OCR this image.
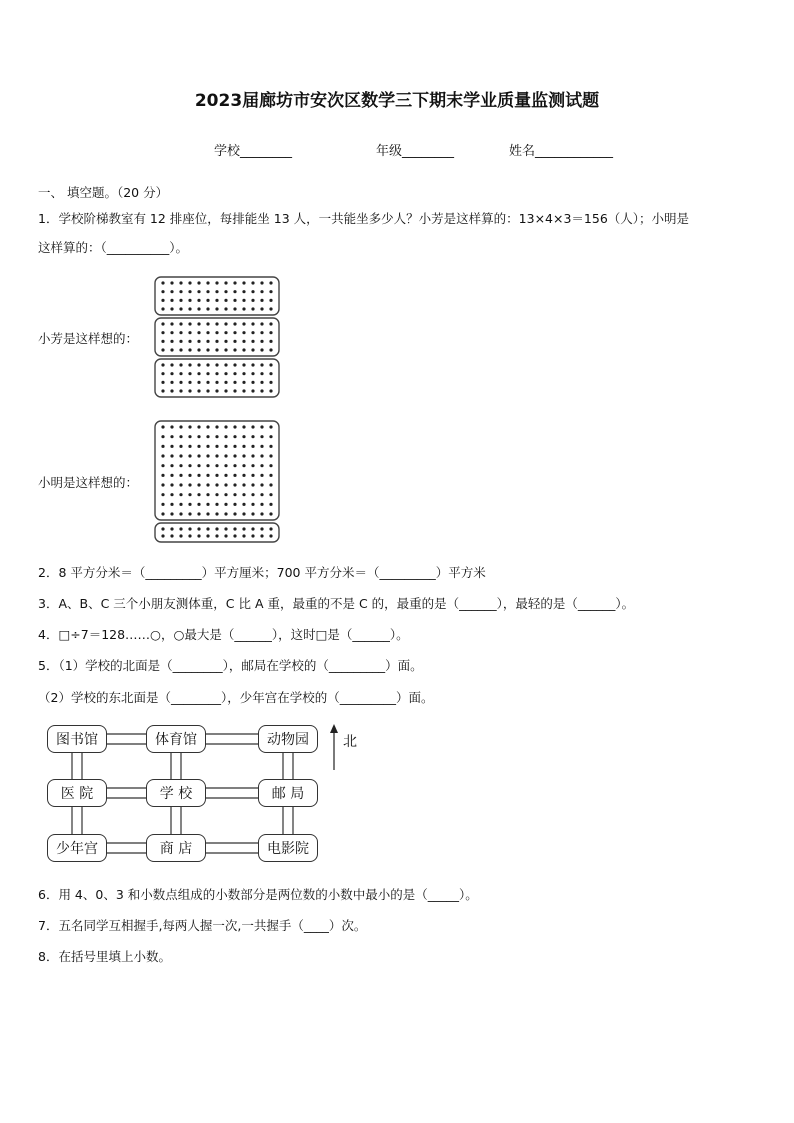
2023届廊坊市安次区数学三下期末学业质量监测试题
学校________	年级________	姓名____________
一、 填空题。（20 分）
1．学校阶梯教室有 12 排座位，每排能坐 13 人，一共能坐多少人？小芳是这样算的：13×4×3＝156（人）；小明是
这样算的：（__________）。
小芳是这样想的：
小明是这样想的：
2．8 平方分米＝（_________）平方厘米；700 平方分米＝（_________）平方米
3．A、B、C 三个小朋友测体重，C 比 A 重，最重的不是 C 的，最重的是（______），最轻的是（______）。
4．□÷7＝128……○，○最大是（______），这时□是（______）。
5．（1）学校的北面是（________），邮局在学校的（_________）面。
（2）学校的东北面是（________），少年宫在学校的（_________）面。
图书馆	体育馆	动物园
医 院	学 校	邮 局
少年宫	商 店	电影院
北
6．用 4、0、3 和小数点组成的小数部分是两位数的小数中最小的是（_____）。
7．五名同学互相握手,每两人握一次,一共握手（____）次。
8．在括号里填上小数。
